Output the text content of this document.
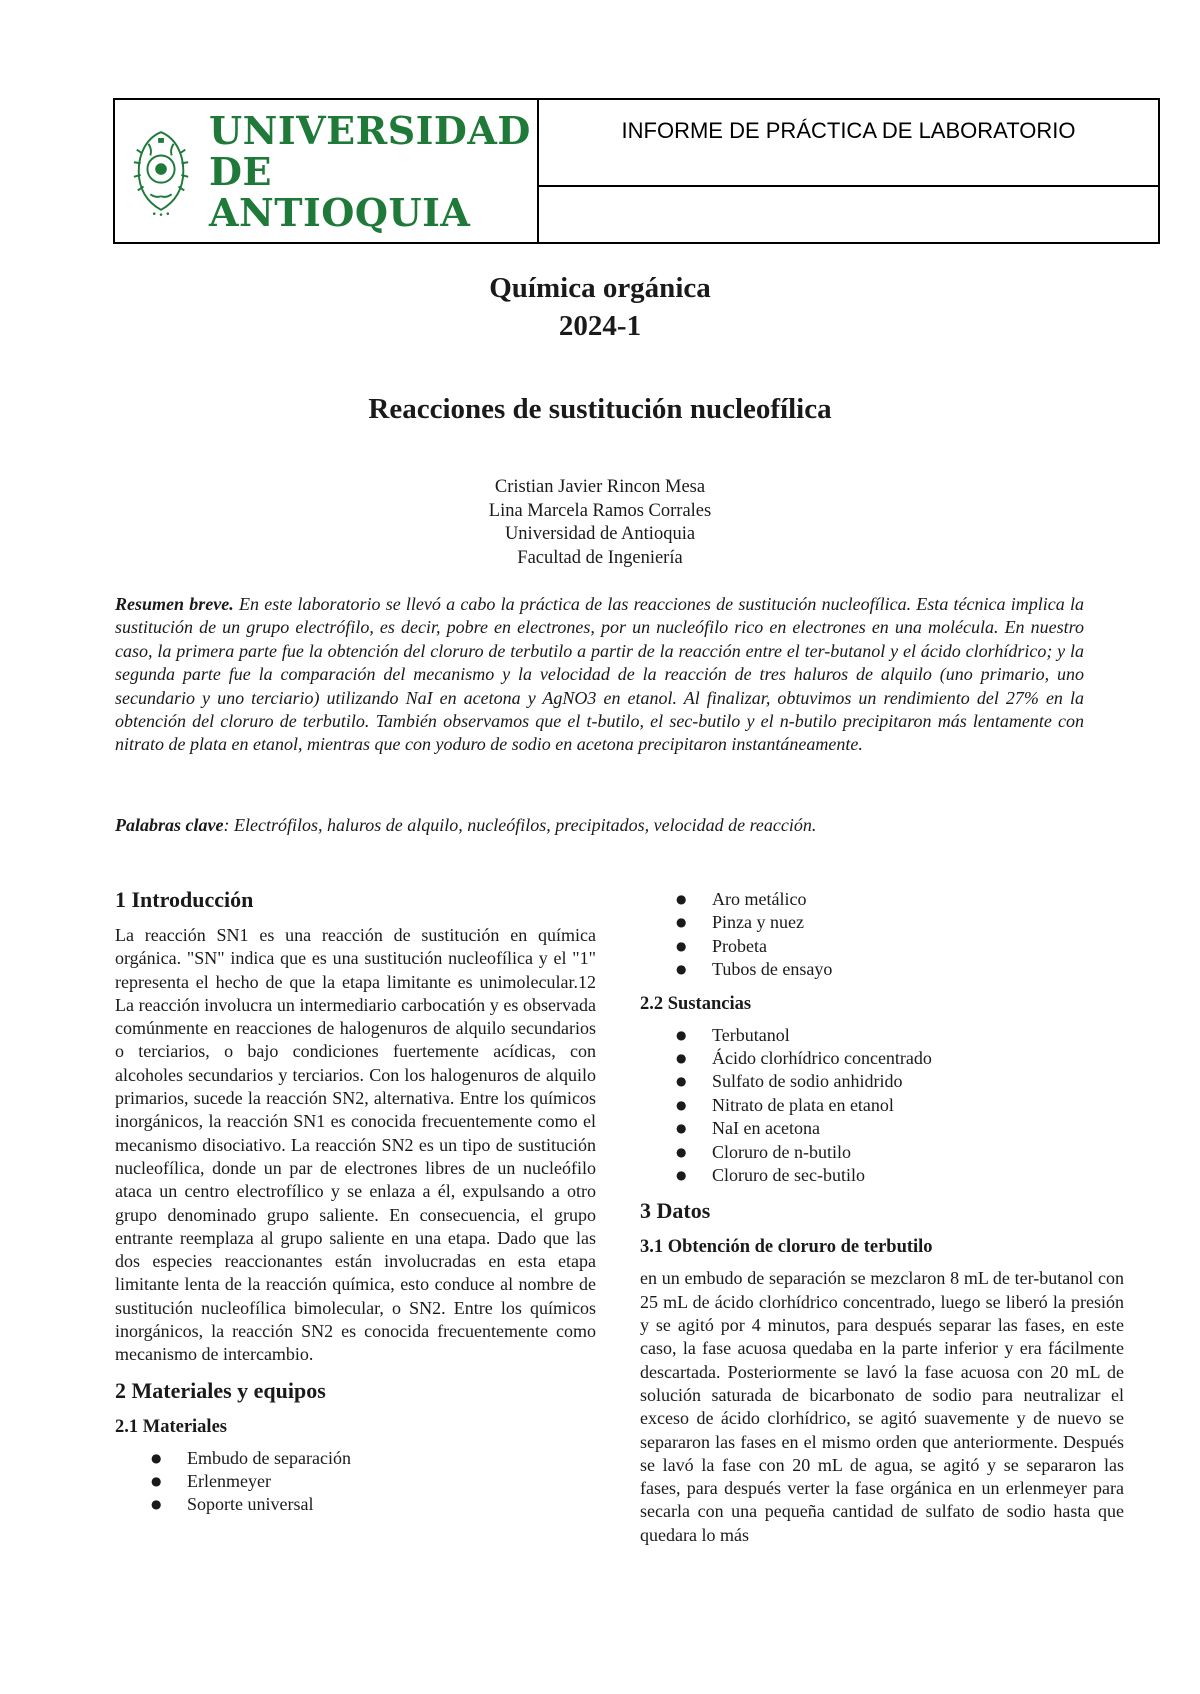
UNIVERSIDAD
DE ANTIOQUIA
INFORME DE PRÁCTICA DE LABORATORIO
Química orgánica
2024-1
Reacciones de sustitución nucleofílica
Cristian Javier Rincon Mesa
Lina Marcela Ramos Corrales
Universidad de Antioquia
Facultad de Ingeniería
Resumen breve. En este laboratorio se llevó a cabo la práctica de las reacciones de sustitución nucleofílica. Esta técnica implica la sustitución de un grupo electrófilo, es decir, pobre en electrones, por un nucleófilo rico en electrones en una molécula. En nuestro caso, la primera parte fue la obtención del cloruro de terbutilo a partir de la reacción entre el ter-butanol y el ácido clorhídrico; y la segunda parte fue la comparación del mecanismo y la velocidad de la reacción de tres haluros de alquilo (uno primario, uno secundario y uno terciario) utilizando NaI en acetona y AgNO3 en etanol. Al finalizar, obtuvimos un rendimiento del 27% en la obtención del cloruro de terbutilo. También observamos que el t-butilo, el sec-butilo y el n-butilo precipitaron más lentamente con nitrato de plata en etanol, mientras que con yoduro de sodio en acetona precipitaron instantáneamente.
Palabras clave: Electrófilos, haluros de alquilo, nucleófilos, precipitados, velocidad de reacción.
1 Introducción

La reacción SN1 es una reacción de sustitución en química orgánica. "SN" indica que es una sustitución nucleofílica y el "1" representa el hecho de que la etapa limitante es unimolecular.12 La reacción involucra un intermediario carbocatión y es observada comúnmente en reacciones de halogenuros de alquilo secundarios o terciarios, o bajo condiciones fuertemente acídicas, con alcoholes secundarios y terciarios. Con los halogenuros de alquilo primarios, sucede la reacción SN2, alternativa. Entre los químicos inorgánicos, la reacción SN1 es conocida frecuentemente como el mecanismo disociativo. La reacción SN2 es un tipo de sustitución nucleofílica, donde un par de electrones libres de un nucleófilo ataca un centro electrofílico y se enlaza a él, expulsando a otro grupo denominado grupo saliente. En consecuencia, el grupo entrante reemplaza al grupo saliente en una etapa. Dado que las dos especies reaccionantes están involucradas en esta etapa limitante lenta de la reacción química, esto conduce al nombre de sustitución nucleofílica bimolecular, o SN2. Entre los químicos inorgánicos, la reacción SN2 es conocida frecuentemente como mecanismo de intercambio.

2 Materiales y equipos
2.1 Materiales
● Embudo de separación
● Erlenmeyer
● Soporte universal
● Aro metálico
● Pinza y nuez
● Probeta
● Tubos de ensayo
2.2 Sustancias
● Terbutanol
● Ácido clorhídrico concentrado
● Sulfato de sodio anhidrido
● Nitrato de plata en etanol
● NaI en acetona
● Cloruro de n-butilo
● Cloruro de sec-butilo
3 Datos
3.1 Obtención de cloruro de terbutilo

en un embudo de separación se mezclaron 8 mL de ter-butanol con 25 mL de ácido clorhídrico concentrado, luego se liberó la presión y se agitó por 4 minutos, para después separar las fases, en este caso, la fase acuosa quedaba en la parte inferior y era fácilmente descartada. Posteriormente se lavó la fase acuosa con 20 mL de solución saturada de bicarbonato de sodio para neutralizar el exceso de ácido clorhídrico, se agitó suavemente y de nuevo se separaron las fases en el mismo orden que anteriormente. Después se lavó la fase con 20 mL de agua, se agitó y se separaron las fases, para después verter la fase orgánica en un erlenmeyer para secarla con una pequeña cantidad de sulfato de sodio hasta que quedara lo más
